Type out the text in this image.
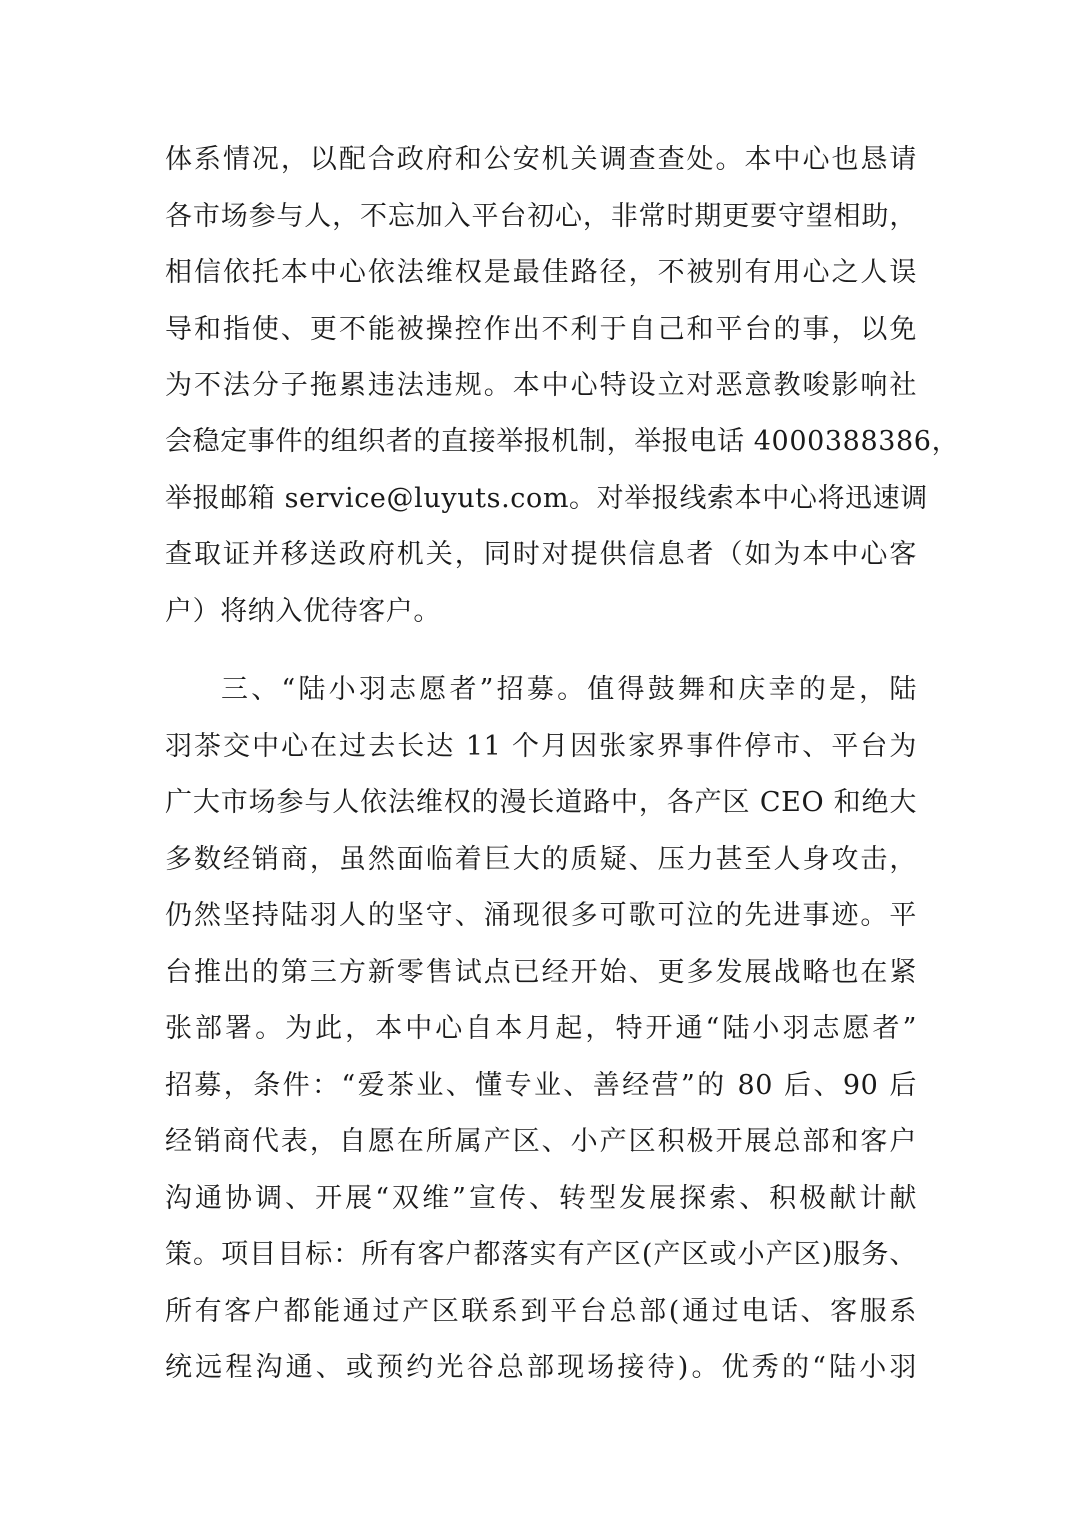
体系情况，以配合政府和公安机关调查查处。本中心也恳请
各市场参与人，不忘加入平台初心，非常时期更要守望相助，
相信依托本中心依法维权是最佳路径，不被别有用心之人误
导和指使、更不能被操控作出不利于自己和平台的事，以免
为不法分子拖累违法违规。本中心特设立对恶意教唆影响社
会稳定事件的组织者的直接举报机制，举报电话 4000388386，
举报邮箱 service@luyuts.com。对举报线索本中心将迅速调
查取证并移送政府机关，同时对提供信息者（如为本中心客
户）将纳入优待客户。
三、“陆小羽志愿者”招募。值得鼓舞和庆幸的是，陆
羽茶交中心在过去长达 11 个月因张家界事件停市、平台为
广大市场参与人依法维权的漫长道路中，各产区 CEO 和绝大
多数经销商，虽然面临着巨大的质疑、压力甚至人身攻击，
仍然坚持陆羽人的坚守、涌现很多可歌可泣的先进事迹。平
台推出的第三方新零售试点已经开始、更多发展战略也在紧
张部署。为此，本中心自本月起，特开通“陆小羽志愿者”
招募，条件：“爱茶业、懂专业、善经营”的 80 后、90 后
经销商代表，自愿在所属产区、小产区积极开展总部和客户
沟通协调、开展“双维”宣传、转型发展探索、积极献计献
策。项目目标：所有客户都落实有产区(产区或小产区)服务、
所有客户都能通过产区联系到平台总部(通过电话、客服系
统远程沟通、或预约光谷总部现场接待)。优秀的“陆小羽
